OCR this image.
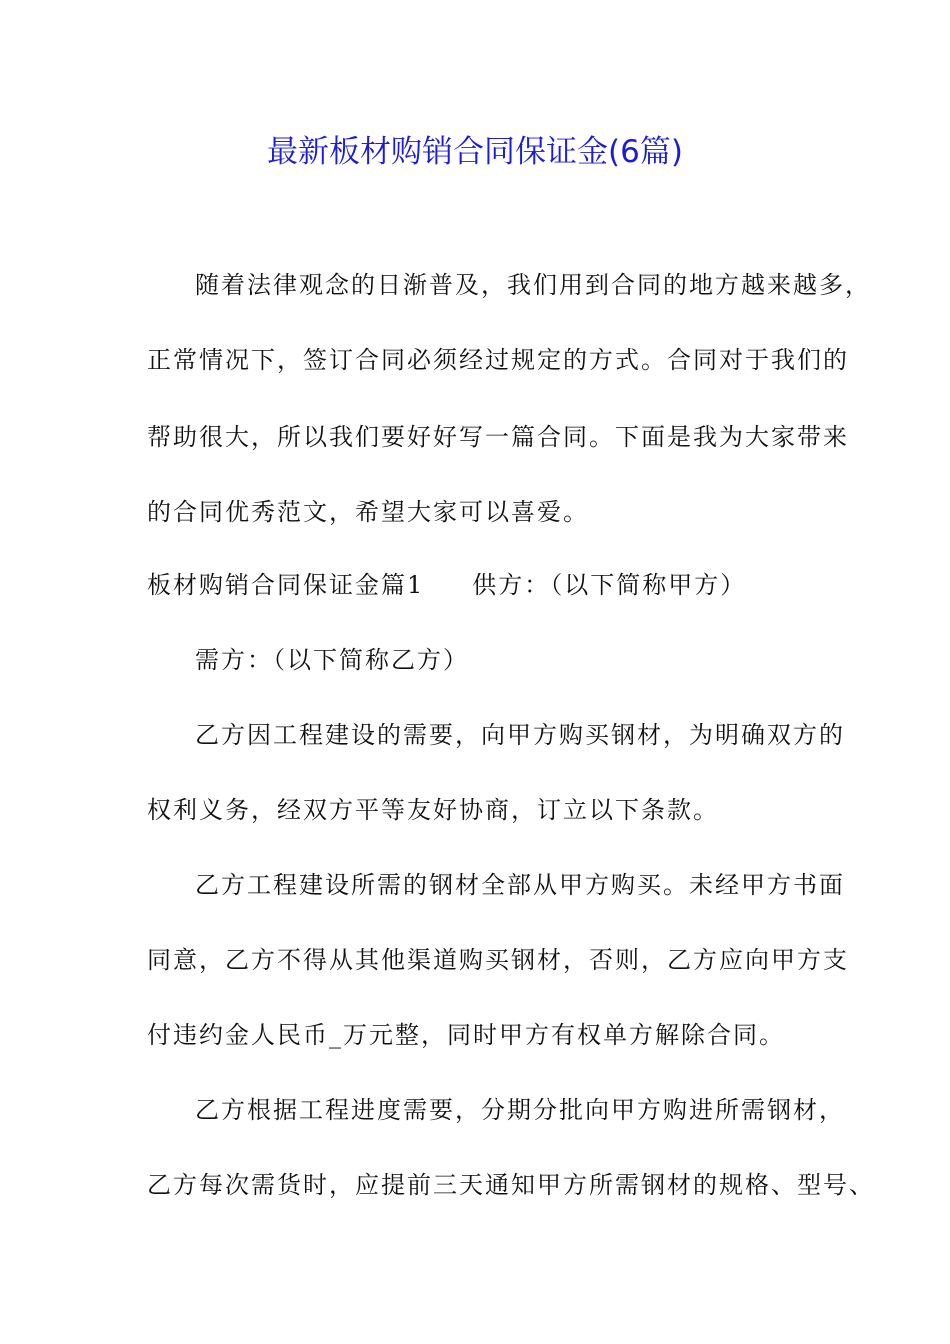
最新板材购销合同保证金(6篇)
随着法律观念的日渐普及，我们用到合同的地方越来越多，
正常情况下，签订合同必须经过规定的方式。合同对于我们的
帮助很大，所以我们要好好写一篇合同。下面是我为大家带来
的合同优秀范文，希望大家可以喜爱。
板材购销合同保证金篇1 供方：（以下简称甲方）
需方：（以下简称乙方）
乙方因工程建设的需要，向甲方购买钢材，为明确双方的
权利义务，经双方平等友好协商，订立以下条款。
乙方工程建设所需的钢材全部从甲方购买。未经甲方书面
同意，乙方不得从其他渠道购买钢材，否则，乙方应向甲方支
付违约金人民币_万元整，同时甲方有权单方解除合同。
乙方根据工程进度需要，分期分批向甲方购进所需钢材，
乙方每次需货时，应提前三天通知甲方所需钢材的规格、型号、
